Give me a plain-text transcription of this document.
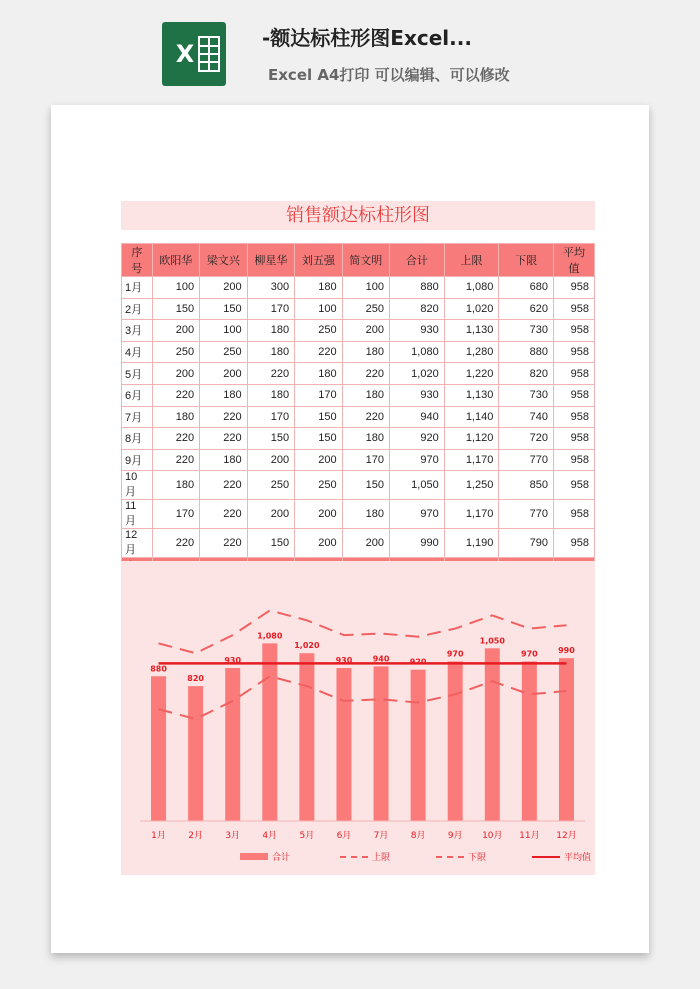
X
-额达标柱形图Excel...
Excel A4打印 可以编辑、可以修改
销售额达标柱形图
序号	欧阳华	梁文兴	柳星华	刘五强	简文明	合计	上限	下限	平均值
1月	100	200	300	180	100	880	1,080	680	958
2月	150	150	170	100	250	820	1,020	620	958
3月	200	100	180	250	200	930	1,130	730	958
4月	250	250	180	220	180	1,080	1,280	880	958
5月	200	200	220	180	220	1,020	1,220	820	958
6月	220	180	180	170	180	930	1,130	730	958
7月	180	220	170	150	220	940	1,140	740	958
8月	220	220	150	150	180	920	1,120	720	958
9月	220	180	200	200	170	970	1,170	770	958
10月	180	220	250	250	150	1,050	1,250	850	958
11月	170	220	200	200	180	970	1,170	770	958
12月	220	220	150	200	200	990	1,190	790	958

880
820
930
1,080
1,020
930	940	920
970
1,050
970	990
1月 2月 3月 4月 5月 6月 7月 8月 9月 10月 11月 12月
合计	上限	下限	平均值
